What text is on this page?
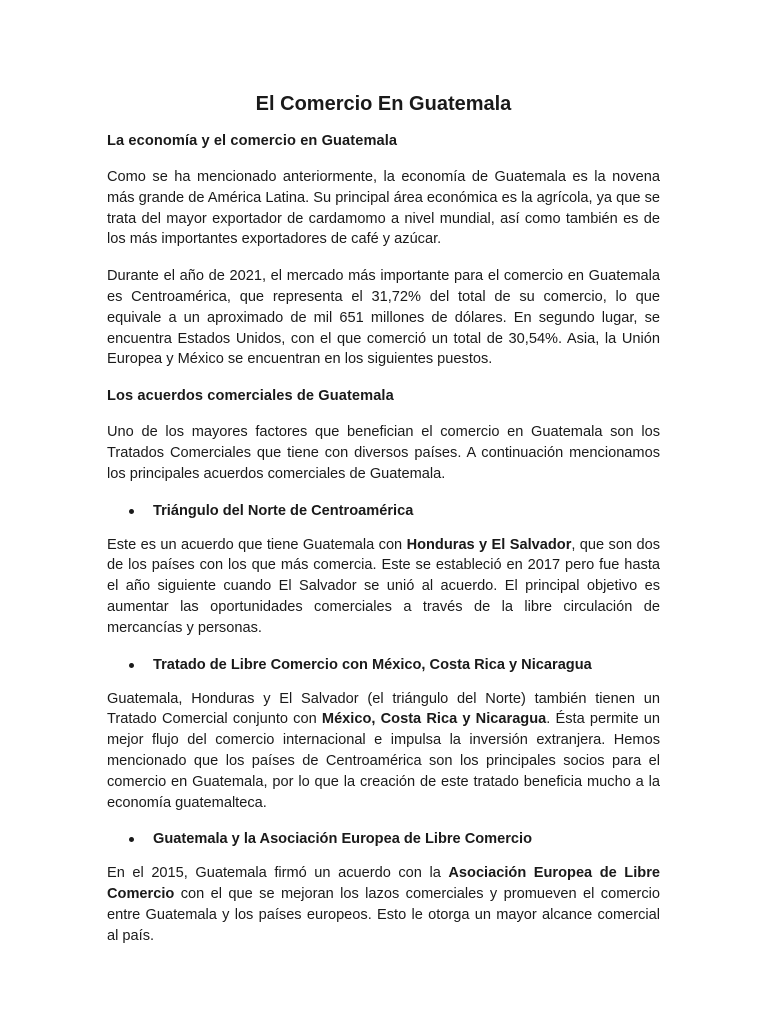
El Comercio En Guatemala
La economía y el comercio en Guatemala

Como se ha mencionado anteriormente, la economía de Guatemala es la novena más grande de América Latina. Su principal área económica es la agrícola, ya que se trata del mayor exportador de cardamomo a nivel mundial, así como también es de los más importantes exportadores de café y azúcar.

Durante el año de 2021, el mercado más importante para el comercio en Guatemala es Centroamérica, que representa el 31,72% del total de su comercio, lo que equivale a un aproximado de mil 651 millones de dólares. En segundo lugar, se encuentra Estados Unidos, con el que comerció un total de 30,54%. Asia, la Unión Europea y México se encuentran en los siguientes puestos.

Los acuerdos comerciales de Guatemala

Uno de los mayores factores que benefician el comercio en Guatemala son los Tratados Comerciales que tiene con diversos países. A continuación mencionamos los principales acuerdos comerciales de Guatemala.

Triángulo del Norte de Centroamérica

Este es un acuerdo que tiene Guatemala con Honduras y El Salvador, que son dos de los países con los que más comercia. Este se estableció en 2017 pero fue hasta el año siguiente cuando El Salvador se unió al acuerdo. El principal objetivo es aumentar las oportunidades comerciales a través de la libre circulación de mercancías y personas.

Tratado de Libre Comercio con México, Costa Rica y Nicaragua

Guatemala, Honduras y El Salvador (el triángulo del Norte) también tienen un Tratado Comercial conjunto con México, Costa Rica y Nicaragua. Ésta permite un mejor flujo del comercio internacional e impulsa la inversión extranjera. Hemos mencionado que los países de Centroamérica son los principales socios para el comercio en Guatemala, por lo que la creación de este tratado beneficia mucho a la economía guatemalteca.

Guatemala y la Asociación Europea de Libre Comercio

En el 2015, Guatemala firmó un acuerdo con la Asociación Europea de Libre Comercio con el que se mejoran los lazos comerciales y promueven el comercio entre Guatemala y los países europeos. Esto le otorga un mayor alcance comercial al país.
